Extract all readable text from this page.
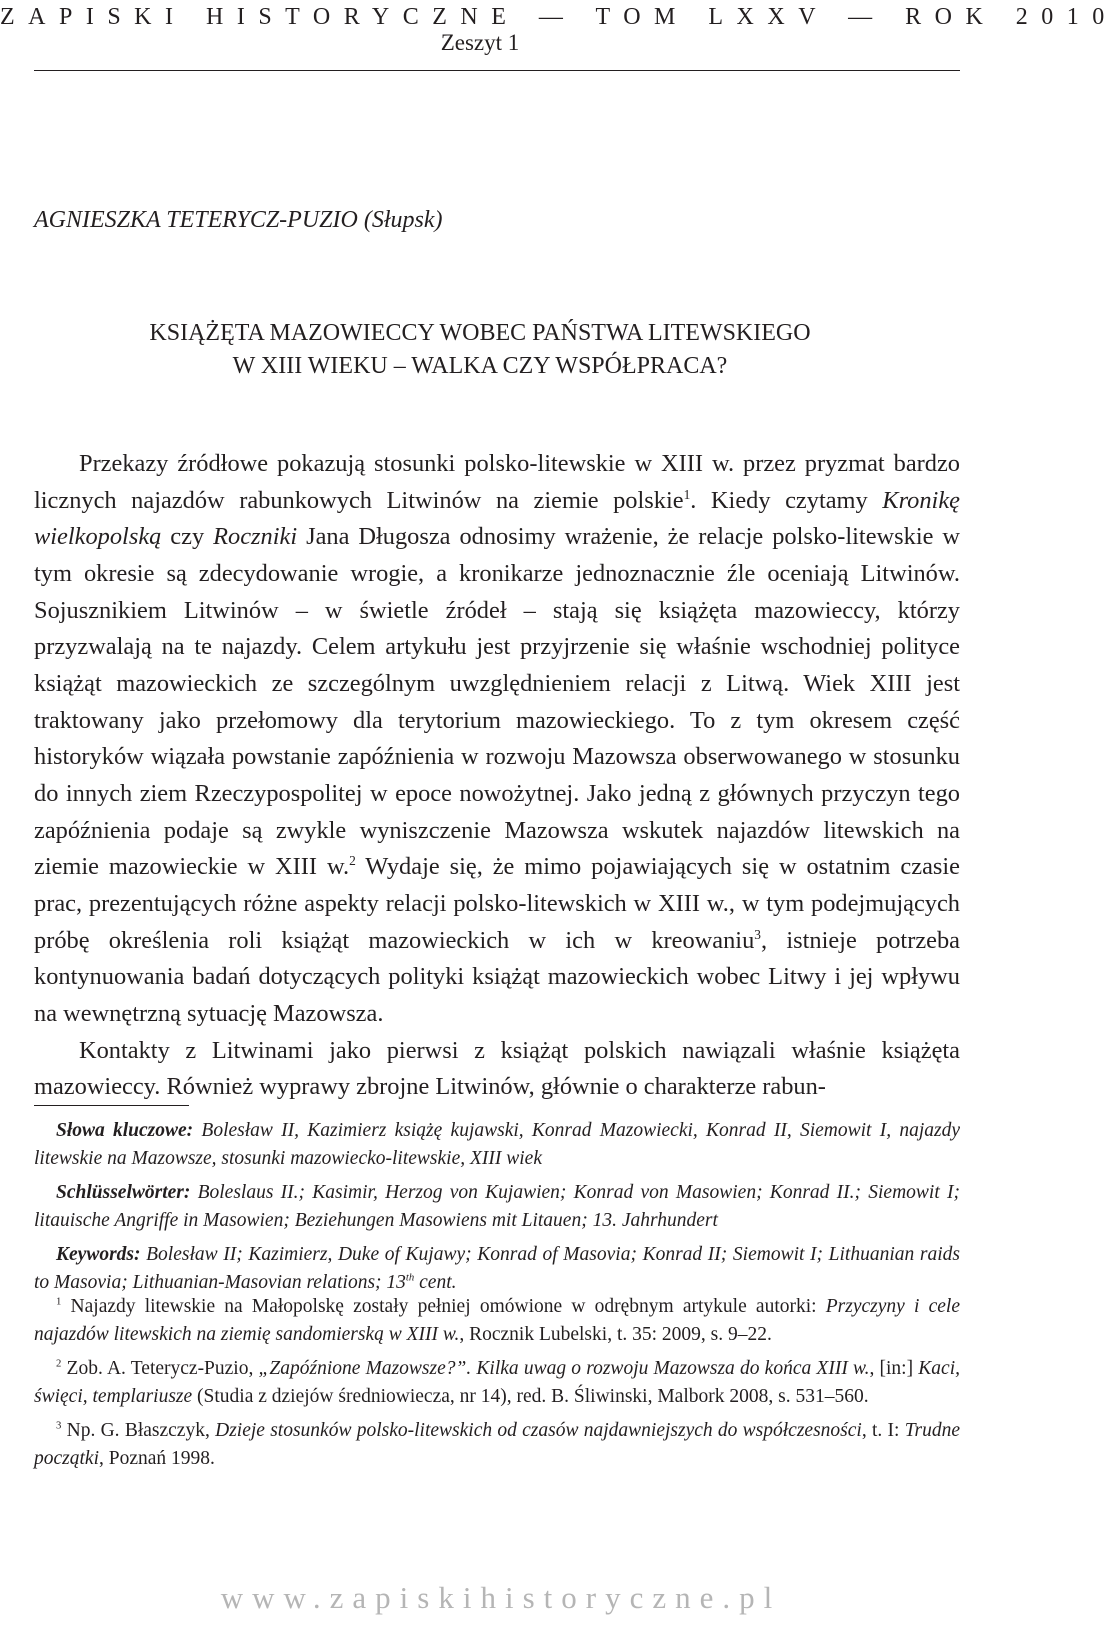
ZAPISKI HISTORYCZNE — TOM LXXV — ROK 2010
Zeszyt 1
AGNIESZKA TETERYCZ-PUZIO (Słupsk)
KSIĄŻĘTA MAZOWIECCY WOBEC PAŃSTWA LITEWSKIEGO
W XIII WIEKU – WALKA CZY WSPÓŁPRACA?

Przekazy źródłowe pokazują stosunki polsko-litewskie w XIII w. przez pryzmat bardzo licznych najazdów rabunkowych Litwinów na ziemie polskie$^1$. Kiedy czytamy Kronikę wielkopolską czy Roczniki Jana Długosza odnosimy wrażenie, że relacje polsko-litewskie w tym okresie są zdecydowanie wrogie, a kronikarze jednoznacznie źle oceniają Litwinów. Sojusznikiem Litwinów – w świetle źródeł – stają się książęta mazowieccy, którzy przyzwalają na te najazdy. Celem artykułu jest przyjrzenie się właśnie wschodniej polityce książąt mazowieckich ze szczególnym uwzględnieniem relacji z Litwą. Wiek XIII jest traktowany jako przełomowy dla terytorium mazowieckiego. To z tym okresem część historyków wiązała powstanie zapóźnienia w rozwoju Mazowsza obserwowanego w stosunku do innych ziem Rzeczypospolitej w epoce nowożytnej. Jako jedną z głównych przyczyn tego zapóźnienia podaje są zwykle wyniszczenie Mazowsza wskutek najazdów litewskich na ziemie mazowieckie w XIII w.$^2$ Wydaje się, że mimo pojawiających się w ostatnim czasie prac, prezentujących różne aspekty relacji polsko-litewskich w XIII w., w tym podejmujących próbę określenia roli książąt mazowieckich w ich w kreowaniu$^3$, istnieje potrzeba kontynuowania badań dotyczących polityki książąt mazowieckich wobec Litwy i jej wpływu na wewnętrzną sytuację Mazowsza.

Kontakty z Litwinami jako pierwsi z książąt polskich nawiązali właśnie książęta mazowieccy. Również wyprawy zbrojne Litwinów, głównie o charakterze rabun-

Słowa kluczowe: Bolesław II, Kazimierz książę kujawski, Konrad Mazowiecki, Konrad II, Siemowit I, najazdy litewskie na Mazowsze, stosunki mazowiecko-litewskie, XIII wiek

Schlüsselwörter: Boleslaus II.; Kasimir, Herzog von Kujawien; Konrad von Masowien; Konrad II.; Siemowit I; litauische Angriffe in Masowien; Beziehungen Masowiens mit Litauen; 13. Jahrhundert

Keywords: Bolesław II; Kazimierz, Duke of Kujawy; Konrad of Masovia; Konrad II; Siemowit I; Lithuanian raids to Masovia; Lithuanian-Masovian relations; 13th cent.

$^1$ Najazdy litewskie na Małopolskę zostały pełniej omówione w odrębnym artykule autorki: Przyczyny i cele najazdów litewskich na ziemię sandomierską w XIII w., Rocznik Lubelski, t. 35: 2009, s. 9–22.

$^2$ Zob. A. Teterycz-Puzio, „Zapóźnione Mazowsze?”. Kilka uwag o rozwoju Mazowsza do końca XIII w., [in:] Kaci, święci, templariusze (Studia z dziejów średniowiecza, nr 14), red. B. Śliwinski, Malbork 2008, s. 531–560.

$^3$ Np. G. Błaszczyk, Dzieje stosunków polsko-litewskich od czasów najdawniejszych do współczesności, t. I: Trudne początki, Poznań 1998.

www.zapiskihistoryczne.pl
